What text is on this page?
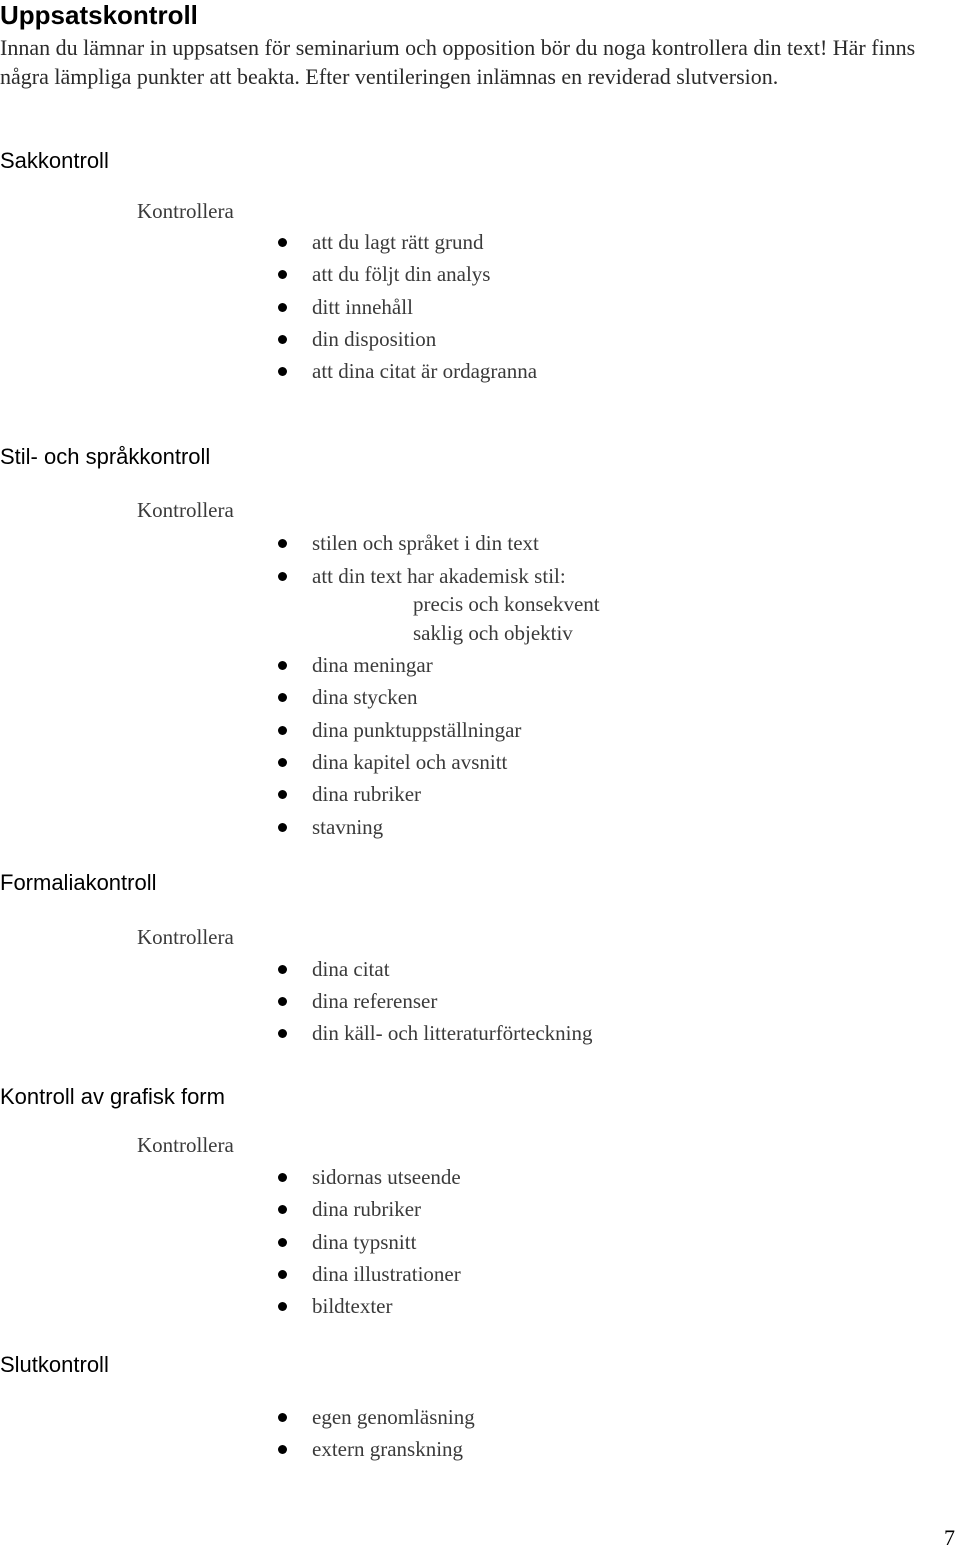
Uppsatskontroll
Innan du lämnar in uppsatsen för seminarium och opposition bör du noga kontrollera din text! Här finns några lämpliga punkter att beakta. Efter ventileringen inlämnas en reviderad slutversion.
Sakkontroll
Kontrollera
att du lagt rätt grund
att du följt din analys
ditt innehåll
din disposition
att dina citat är ordagranna
Stil- och språkkontroll
Kontrollera
stilen och språket i din text
att din text har akademisk stil:
precis och konsekvent
saklig och objektiv
dina meningar
dina stycken
dina punktuppställningar
dina kapitel och avsnitt
dina rubriker
stavning
Formaliakontroll
Kontrollera
dina citat
dina referenser
din käll- och litteraturförteckning
Kontroll av grafisk form
Kontrollera
sidornas utseende
dina rubriker
dina typsnitt
dina illustrationer
bildtexter
Slutkontroll
egen genomläsning
extern granskning
7
